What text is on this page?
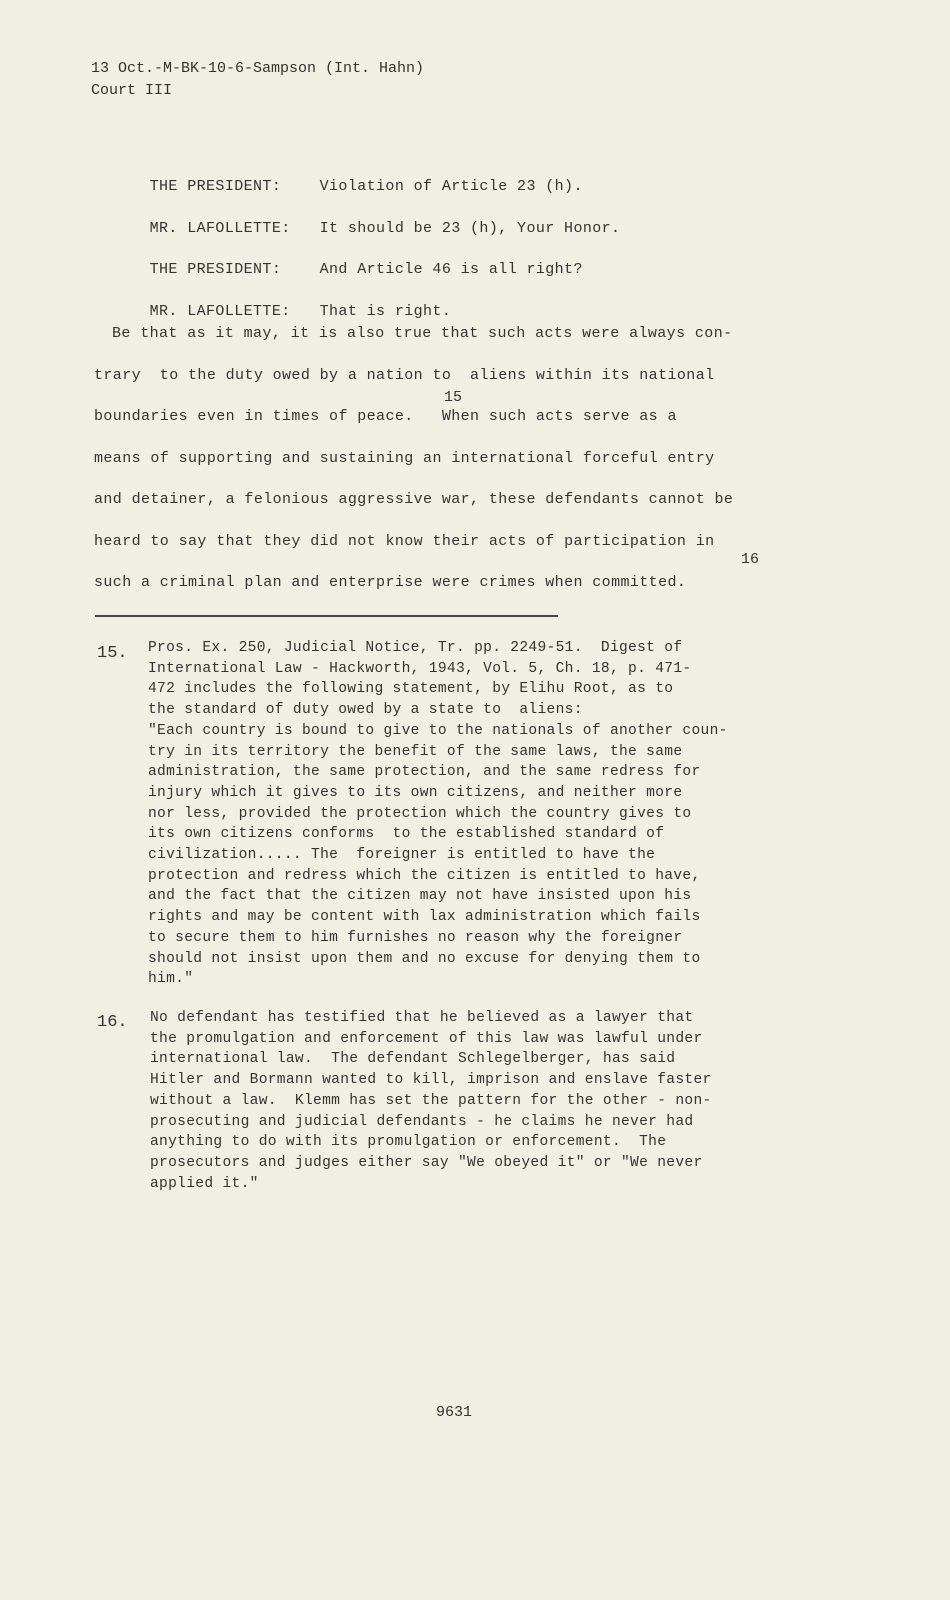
13 Oct.-M-BK-10-6-Sampson (Int. Hahn)
Court III

THE PRESIDENT:	Violation of Article 23 (h).

MR. LAFOLLETTE: It should be 23 (h), Your Honor.

THE PRESIDENT:	And Article 46 is all right?

MR. LAFOLLETTE: That is right.

Be that as it may, it is also true that such acts were always con-
trary  to the duty owed by a nation to  aliens within its national
boundaries even in times of peace.   When such acts serve as a
means of supporting and sustaining an international forceful entry
and detainer, a felonious aggressive war, these defendants cannot be
heard to say that they did not know their acts of participation in
such a criminal plan and enterprise were crimes when committed.
15
16
15. Pros. Ex. 250, Judicial Notice, Tr. pp. 2249-51.  Digest of
International Law - Hackworth, 1943, Vol. 5, Ch. 18, p. 471-
472 includes the following statement, by Elihu Root, as to
the standard of duty owed by a state to  aliens:
"Each country is bound to give to the nationals of another coun-
try in its territory the benefit of the same laws, the same
administration, the same protection, and the same redress for
injury which it gives to its own citizens, and neither more
nor less, provided the protection which the country gives to
its own citizens conforms  to the established standard of
civilization..... The  foreigner is entitled to have the
protection and redress which the citizen is entitled to have,
and the fact that the citizen may not have insisted upon his
rights and may be content with lax administration which fails
to secure them to him furnishes no reason why the foreigner
should not insist upon them and no excuse for denying them to
him."
16. No defendant has testified that he believed as a lawyer that
the promulgation and enforcement of this law was lawful under
international law.  The defendant Schlegelberger, has said
Hitler and Bormann wanted to kill, imprison and enslave faster
without a law.  Klemm has set the pattern for the other - non-
prosecuting and judicial defendants - he claims he never had
anything to do with its promulgation or enforcement.  The
prosecutors and judges either say "We obeyed it" or "We never
applied it."
9631
